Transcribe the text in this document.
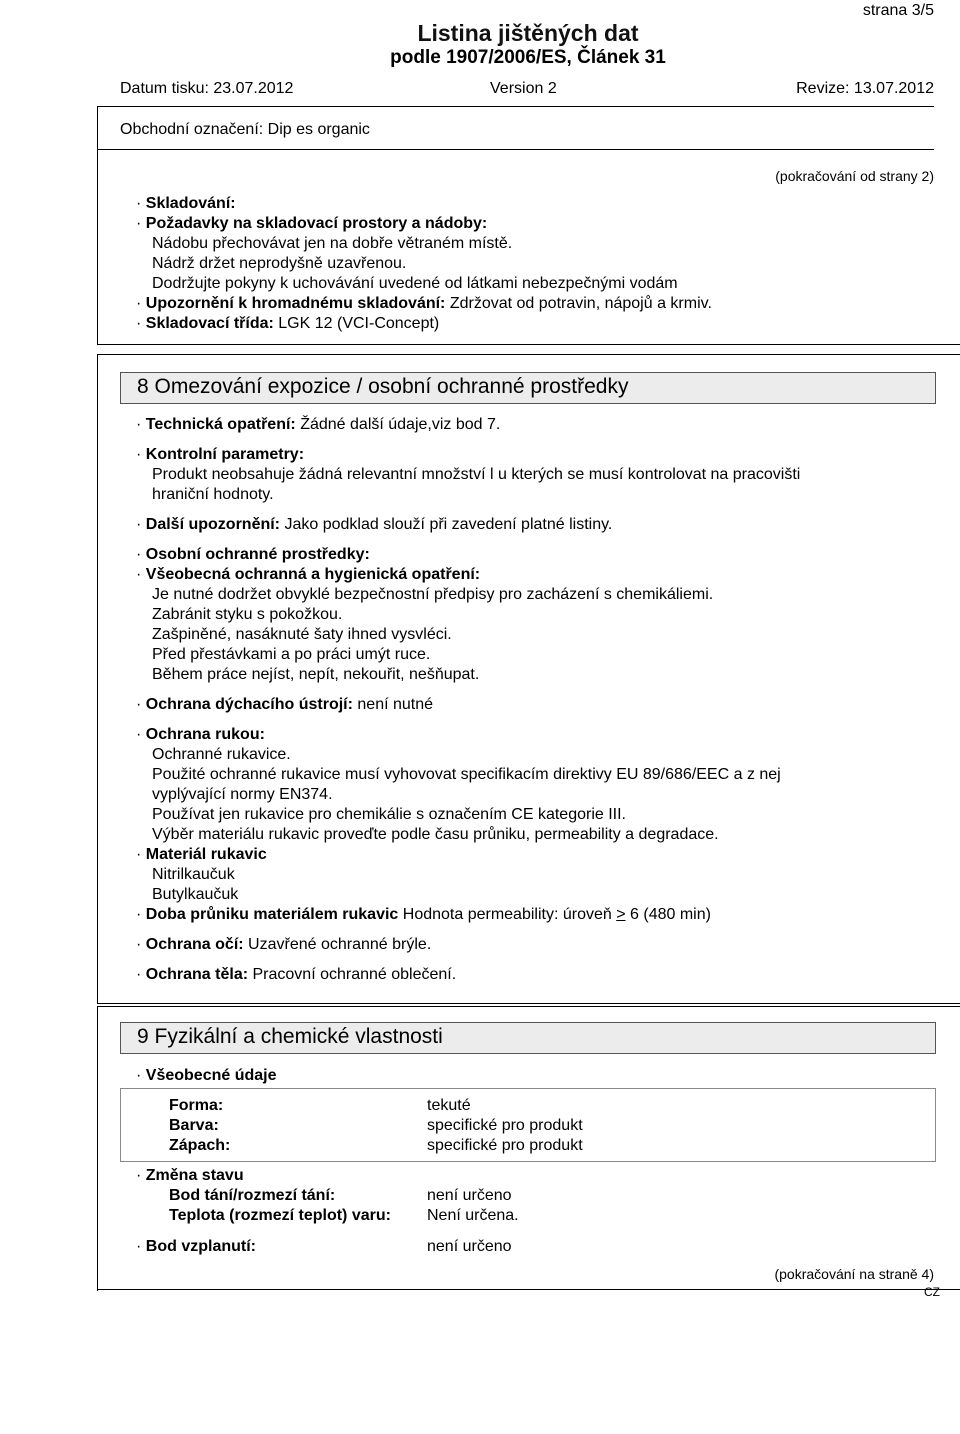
strana 3/5
Listina jištěných dat
podle 1907/2006/ES, Článek 31
Datum tisku: 23.07.2012	Version 2	Revize: 13.07.2012
Obchodní označení: Dip es organic
(pokračování od strany 2)
· Skladování:
· Požadavky na skladovací prostory a nádoby:
Nádobu přechovávat jen na dobře větraném místě.
Nádrž držet neprodyšně uzavřenou.
Dodržujte pokyny k uchovávání uvedené od látkami nebezpečnými vodám
· Upozornění k hromadnému skladování: Zdržovat od potravin, nápojů a krmiv.
· Skladovací třída: LGK 12 (VCI-Concept)
8 Omezování expozice / osobní ochranné prostředky
· Technická opatření: Žádné další údaje,viz bod 7.
· Kontrolní parametry:
Produkt neobsahuje žádná relevantní množství l u kterých se musí kontrolovat na pracovišti
hraniční hodnoty.
· Další upozornění: Jako podklad slouží při zavedení platné listiny.
· Osobní ochranné prostředky:
· Všeobecná ochranná a hygienická opatření:
Je nutné dodržet obvyklé bezpečnostní předpisy pro zacházení s chemikáliemi.
Zabránit styku s pokožkou.
Zašpiněné, nasáknuté šaty ihned vysvléci.
Před přestávkami a po práci umýt ruce.
Během práce nejíst, nepít, nekouřit, nešňupat.
· Ochrana dýchacího ústrojí: není nutné
· Ochrana rukou:
Ochranné rukavice.
Použité ochranné rukavice musí vyhovovat specifikacím direktivy EU 89/686/EEC a z nej
vyplývající normy EN374.
Používat jen rukavice pro chemikálie s označením CE kategorie III.
Výběr materiálu rukavic proveďte podle času průniku, permeability a degradace.
· Materiál rukavic
Nitrilkaučuk
Butylkaučuk
· Doba průniku materiálem rukavic Hodnota permeability: úroveň > 6 (480 min)
· Ochrana očí: Uzavřené ochranné brýle.
· Ochrana těla: Pracovní ochranné oblečení.
9 Fyzikální a chemické vlastnosti
· Všeobecné údaje
Forma:	tekuté
Barva:	specifické pro produkt
Zápach:	specifické pro produkt
· Změna stavu
Bod tání/rozmezí tání:	není určeno
Teplota (rozmezí teplot) varu: Není určena.
· Bod vzplanutí:	není určeno
(pokračování na straně 4)
CZ
